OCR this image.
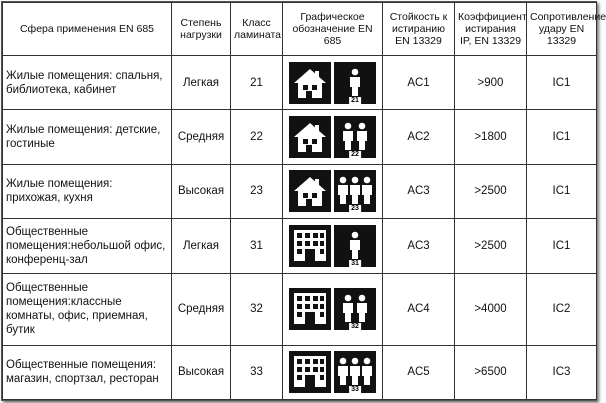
Сфера применения EN 685	Степень нагрузки	Класс ламината	Графическое обозначение EN 685	Стойкость к истиранию EN 13329	Коэффициент истирания IP, EN 13329	Сопротивление удару EN 13329
Жилые помещения: спальня, библиотека, кабинет	Легкая	21	21	AC1	>900	IC1
Жилые помещения: детские, гостиные	Средняя	22	22	AC2	>1800	IC1
Жилые помещения: прихожая, кухня	Высокая	23	23	AC3	>2500	IC1
Общественные помещения:небольшой офис, конференц-зал	Легкая	31	31	AC3	>2500	IC1
Общественные помещения:классные комнаты, офис, приемная, бутик	Средняя	32	32	AC4	>4000	IC2
Общественные помещения: магазин, спортзал, ресторан	Высокая	33	33	AC5	>6500	IC3
